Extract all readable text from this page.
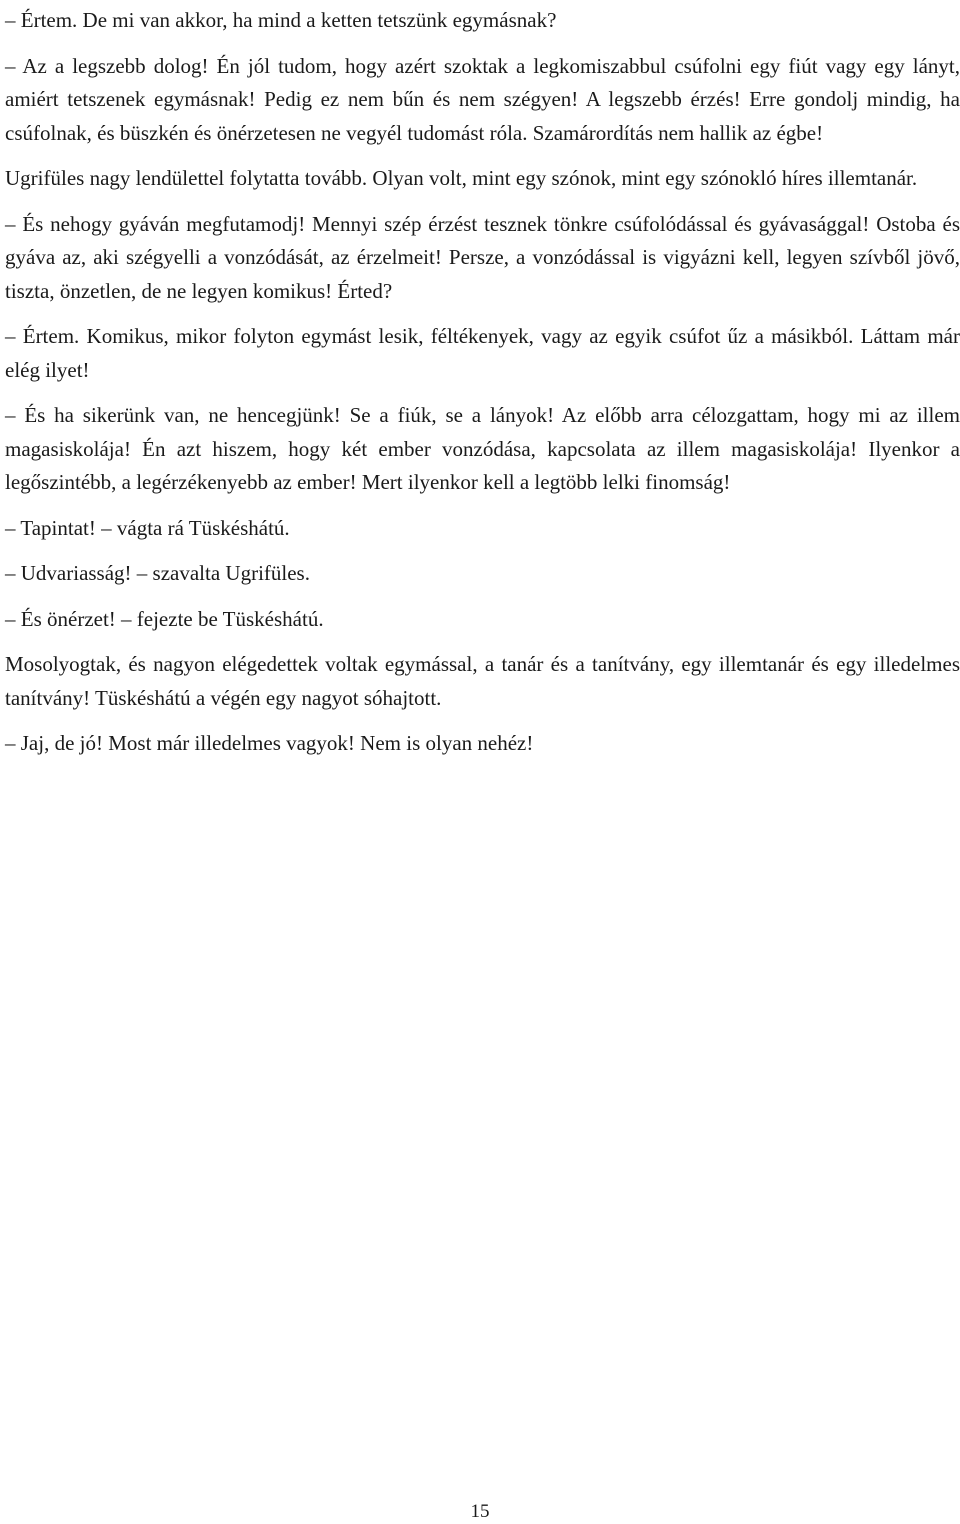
– Értem. De mi van akkor, ha mind a ketten tetszünk egymásnak?

– Az a legszebb dolog! Én jól tudom, hogy azért szoktak a legkomiszabbul csúfolni egy fiút vagy egy lányt, amiért tetszenek egymásnak! Pedig ez nem bűn és nem szégyen! A legszebb érzés! Erre gondolj mindig, ha csúfolnak, és büszkén és önérzetesen ne vegyél tudomást róla. Szamárordítás nem hallik az égbe!

Ugrifüles nagy lendülettel folytatta tovább. Olyan volt, mint egy szónok, mint egy szónokló híres illemtanár.

– És nehogy gyáván megfutamodj! Mennyi szép érzést tesznek tönkre csúfolódással és gyávasággal! Ostoba és gyáva az, aki szégyelli a vonzódását, az érzelmeit! Persze, a vonzódással is vigyázni kell, legyen szívből jövő, tiszta, önzetlen, de ne legyen komikus! Érted?

– Értem. Komikus, mikor folyton egymást lesik, féltékenyek, vagy az egyik csúfot űz a másikból. Láttam már elég ilyet!

– És ha sikerünk van, ne hencegjünk! Se a fiúk, se a lányok! Az előbb arra célozgattam, hogy mi az illem magasiskolája! Én azt hiszem, hogy két ember vonzódása, kapcsolata az illem magasiskolája! Ilyenkor a legőszintébb, a legérzékenyebb az ember! Mert ilyenkor kell a legtöbb lelki finomság!

– Tapintat! – vágta rá Tüskéshátú.

– Udvariasság! – szavalta Ugrifüles.

– És önérzet! – fejezte be Tüskéshátú.

Mosolyogtak, és nagyon elégedettek voltak egymással, a tanár és a tanítvány, egy illemtanár és egy illedelmes tanítvány! Tüskéshátú a végén egy nagyot sóhajtott.

– Jaj, de jó! Most már illedelmes vagyok! Nem is olyan nehéz!

15
